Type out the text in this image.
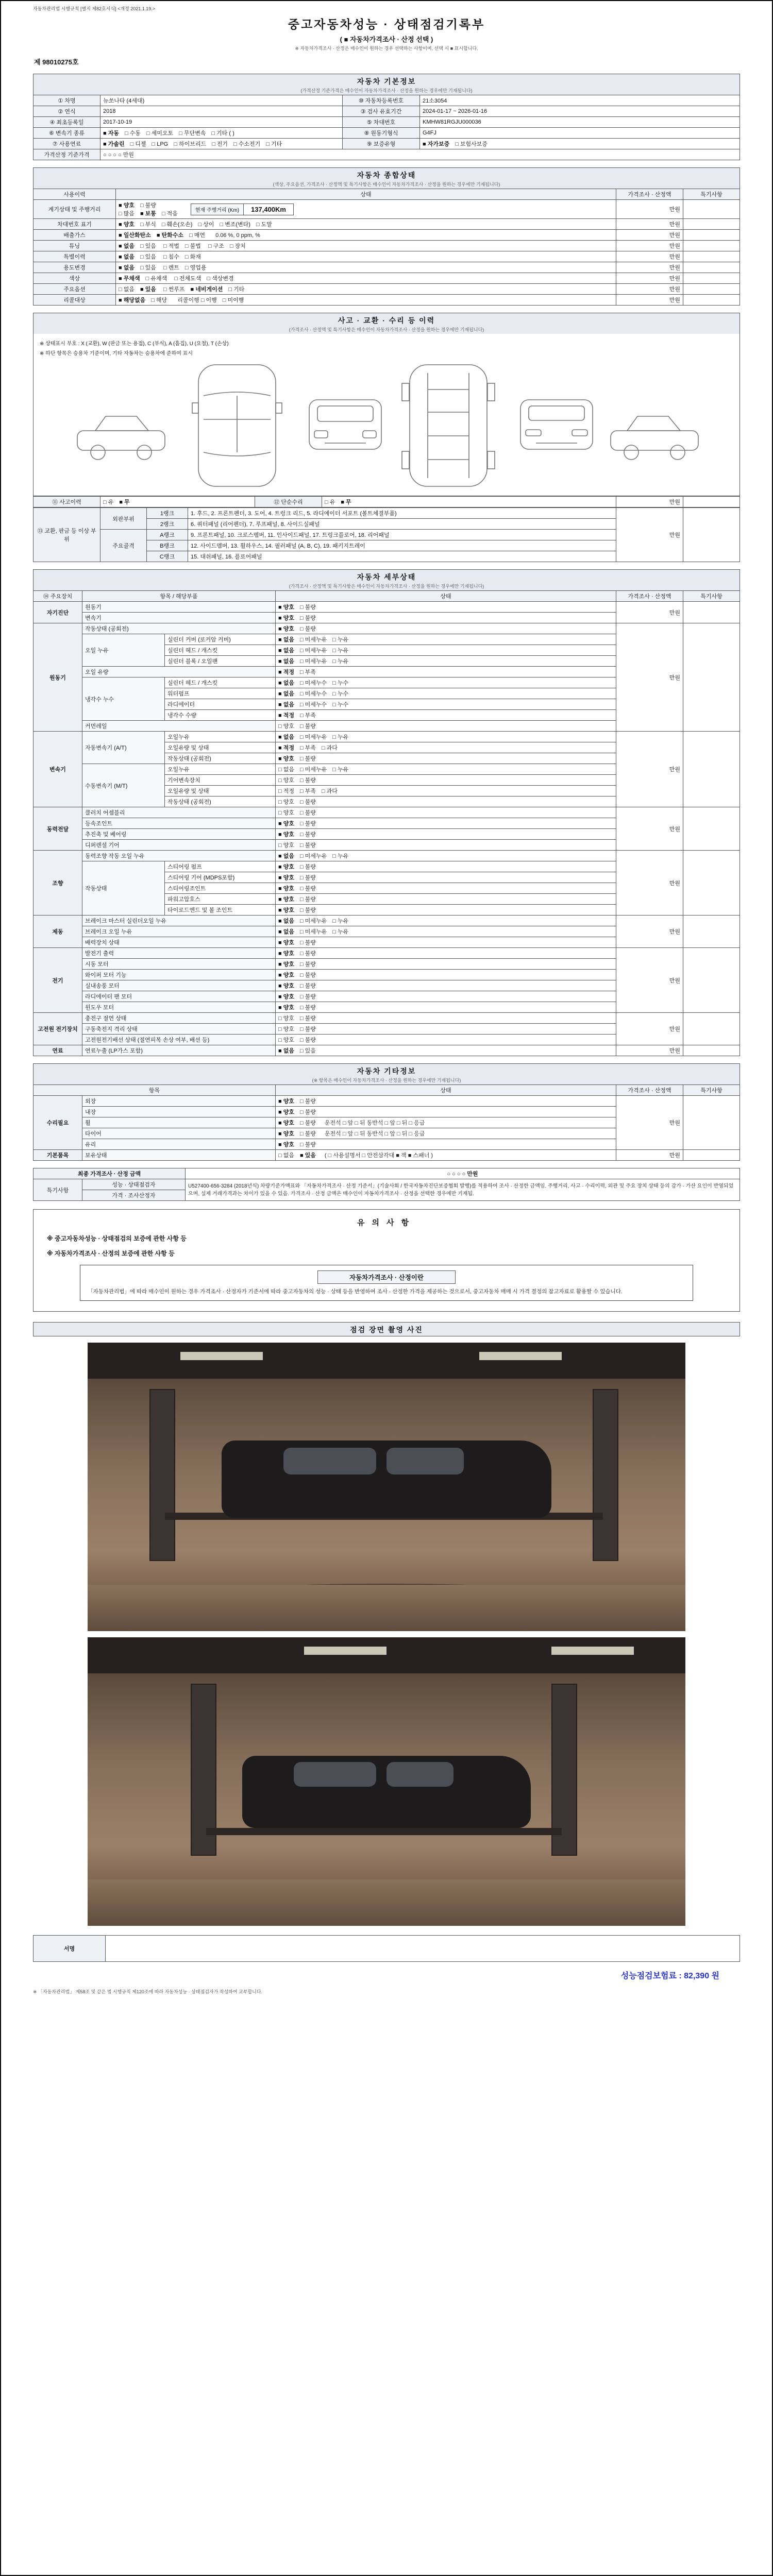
자동차관리법 시행규칙 [별지 제82호서식] <개정 2021.1.19.>
중고자동차성능 · 상태점검기록부
( ■ 자동차가격조사 · 산정 선택 )
※ 자동차가격조사 · 산정은 매수인이 원하는 경우 선택하는 사항이며, 선택 시 ■ 표시합니다.
제 98010275호
자동차 기본정보
(가격산정 기준가격은 매수인이 자동차가격조사 · 산정을 원하는 경우에만 기재됩니다)
① 차명	뉴쏘나타 (4세대)	⑩ 자동차등록번호	21소3054
② 연식	2018	③ 검사 유효기간	2024-01-17 ~ 2026-01-16
④ 최초등록일	2017-10-19	⑤ 차대번호	KMHW81RGJU000036
⑥ 변속기 종류	■ 자동 □ 수동 □ 세미오토 □ 무단변속 □ 기타 ( )	⑧ 원동기형식	G4FJ
⑦ 사용연료	■ 가솔린 □ 디젤 □ LPG □ 하이브리드 □ 전기 □ 수소전기 □ 기타	⑨ 보증유형	■ 자가보증 □ 보험사보증
가격산정 기준가격	○ ○ ○ ○ 만원		
자동차 종합상태
(색상, 주요옵션, 가격조사 · 산정액 및 특기사항은 매수인이 자동차가격조사 · 산정을 원하는 경우에만 기재됩니다)
사용이력	상태	가격조사 · 산정액	특기사항
계기상태 및 주행거리	■ 양호 □ 불량
□ 많음 ■ 보통 □ 적음
현재 주행거리 (Km) 137,400Km	만원	
차대번호 표기	■ 양호 □ 부식 □ 훼손(오손) □ 상이 □ 변조(변타) □ 도말	만원	
배출가스	■ 일산화탄소 ■ 탄화수소 □ 매연 0.06 %, 0 ppm, %	만원	
튜닝	■ 없음 □ 있음 □ 적법 □ 불법 □ 구조 □ 장치	만원	
특별이력	■ 없음 □ 있음 □ 침수 □ 화재	만원	
용도변경	■ 없음 □ 있음 □ 렌트 □ 영업용	만원	
색상	■ 무채색 □ 유채색 □ 전체도색 □ 색상변경	만원	
주요옵션	□ 없음 ■ 있음 □ 썬루프 ■ 네비게이션 □ 기타	만원	
리콜대상	■ 해당없음 □ 해당 리콜이행 □ 이행 □ 미이행	만원	
사고 · 교환 · 수리 등 이력
(가격조사 · 산정액 및 특기사항은 매수인이 자동차가격조사 · 산정을 원하는 경우에만 기재됩니다)
※ 상태표시 부호 : X (교환), W (판금 또는 용접), C (부식), A (흠집), U (요철), T (손상)
※ 하단 항목은 승용차 기준이며, 기타 자동차는 승용차에 준하여 표시
⑪ 사고이력	□ 유 ■ 무	⑫ 단순수리	□ 유 ■ 무	만원	
⑬ 교환, 판금 등 이상 부위	외판부위	1랭크	1. 후드, 2. 프론트펜더, 3. 도어, 4. 트렁크 리드, 5. 라디에이터 서포트 (볼트체결부품)	만원	
		2랭크	6. 쿼터패널 (리어펜더), 7. 루프패널, 8. 사이드실패널		
	주요골격	A랭크	9. 프론트패널, 10. 크로스멤버, 11. 인사이드패널, 17. 트렁크플로어, 18. 리어패널		
		B랭크	12. 사이드멤버, 13. 휠하우스, 14. 필러패널 (A, B, C), 19. 패키지트레이		
		C랭크	15. 대쉬패널, 16. 플로어패널		
자동차 세부상태
(가격조사 · 산정액 및 특기사항은 매수인이 자동차가격조사 · 산정을 원하는 경우에만 기재됩니다)
⑭ 주요장치	항목 / 해당부품		상태	가격조사 · 산정액	특기사항
자기진단	원동기		■ 양호 □ 불량	만원	
	변속기		■ 양호 □ 불량		
원동기	작동상태 (공회전)		■ 양호 □ 불량	만원	
	오일 누유	실린더 커버 (로커암 커버)	■ 없음 □ 미세누유 □ 누유		
		실린더 헤드 / 개스킷	■ 없음 □ 미세누유 □ 누유		
		실린더 블록 / 오일팬	■ 없음 □ 미세누유 □ 누유		
	오일 유량		■ 적정 □ 부족		
	냉각수 누수	실린더 헤드 / 개스킷	■ 없음 □ 미세누수 □ 누수		
		워터펌프	■ 없음 □ 미세누수 □ 누수		
		라디에이터	■ 없음 □ 미세누수 □ 누수		
		냉각수 수량	■ 적정 □ 부족		
	커먼레일		□ 양호 □ 불량		
변속기	자동변속기 (A/T)	오일누유	■ 없음 □ 미세누유 □ 누유	만원	
		오일유량 및 상태	■ 적정 □ 부족 □ 과다		
		작동상태 (공회전)	■ 양호 □ 불량		
	수동변속기 (M/T)	오일누유	□ 없음 □ 미세누유 □ 누유		
		기어변속장치	□ 양호 □ 불량		
		오일유량 및 상태	□ 적정 □ 부족 □ 과다		
		작동상태 (공회전)	□ 양호 □ 불량		
동력전달	클러치 어셈블리		□ 양호 □ 불량	만원	
	등속조인트		■ 양호 □ 불량		
	추진축 및 베어링		■ 양호 □ 불량		
	디퍼렌셜 기어		□ 양호 □ 불량		
조향	동력조향 작동 오일 누유		■ 없음 □ 미세누유 □ 누유	만원	
	작동상태	스티어링 펌프	■ 양호 □ 불량		
		스티어링 기어 (MDPS포함)	■ 양호 □ 불량		
		스티어링조인트	■ 양호 □ 불량		
		파워고압호스	■ 양호 □ 불량		
		타이로드엔드 및 볼 조인트	■ 양호 □ 불량		
제동	브레이크 마스터 실린더오일 누유		■ 없음 □ 미세누유 □ 누유	만원	
	브레이크 오일 누유		■ 없음 □ 미세누유 □ 누유		
	배력장치 상태		■ 양호 □ 불량		
전기	발전기 출력		■ 양호 □ 불량	만원	
	시동 모터		■ 양호 □ 불량		
	와이퍼 모터 기능		■ 양호 □ 불량		
	실내송풍 모터		■ 양호 □ 불량		
	라디에이터 팬 모터		■ 양호 □ 불량		
	윈도우 모터		■ 양호 □ 불량		
고전원 전기장치	충전구 절연 상태		□ 양호 □ 불량	만원	
	구동축전지 격리 상태		□ 양호 □ 불량		
	고전원전기배선 상태 (절연피복 손상 여부, 배선 등)		□ 양호 □ 불량		
연료	연료누출 (LP가스 포함)		■ 없음 □ 있음	만원	
자동차 기타정보
(※ 항목은 매수인이 자동차가격조사 · 산정을 원하는 경우에만 기재됩니다)
항목		상태	가격조사 · 산정액	특기사항
수리필요	외장	■ 양호 □ 불량	만원	
	내장	■ 양호 □ 불량		
	휠	■ 양호 □ 불량 운전석 □ 앞 □ 뒤 동반석 □ 앞 □ 뒤 □ 응급		
	타이어	■ 양호 □ 불량 운전석 □ 앞 □ 뒤 동반석 □ 앞 □ 뒤 □ 응급		
	유리	■ 양호 □ 불량		
기본품목	보유상태	□ 없음 ■ 있음 ( □ 사용설명서 □ 안전삼각대 ■ 잭 ■ 스패너 )	만원	
최종 가격조사 · 산정 금액		○ ○ ○ ○ 만원
특기사항	성능 · 상태점검자	U527400-656-3284 (2018년식) 차량기준가액표와 「자동차가격조사 · 산정 기준서」(기술사회 / 한국자동차진단보증협회 발행)를 적용하여 조사 · 산정한 금액임. 주행거리, 사고 · 수리이력, 외관 및 주요 장치 상태 등의 감가 · 가산 요인이 반영되었으며, 실제 거래가격과는 차이가 있을 수 있음. 가격조사 · 산정 금액은 매수인이 자동차가격조사 · 산정을 선택한 경우에만 기재됨.
	가격 · 조사산정자	
유의사항
※ 중고자동차성능 · 상태점검의 보증에 관한 사항 등
※ 자동차가격조사 · 산정의 보증에 관한 사항 등
자동차가격조사 · 산정이란
「자동차관리법」에 따라 매수인이 원하는 경우 가격조사 · 산정자가 기준서에 따라 중고자동차의 성능 · 상태 등을 반영하여 조사 · 산정한 가격을 제공하는 것으로서, 중고자동차 매매 시 가격 결정의 참고자료로 활용할 수 있습니다.
점검 장면 촬영 사진
서명	
성능점검보험료 : 82,390 원
※ 「자동차관리법」 제58조 및 같은 법 시행규칙 제120조에 따라 자동차성능 · 상태점검자가 작성하여 교부합니다.
